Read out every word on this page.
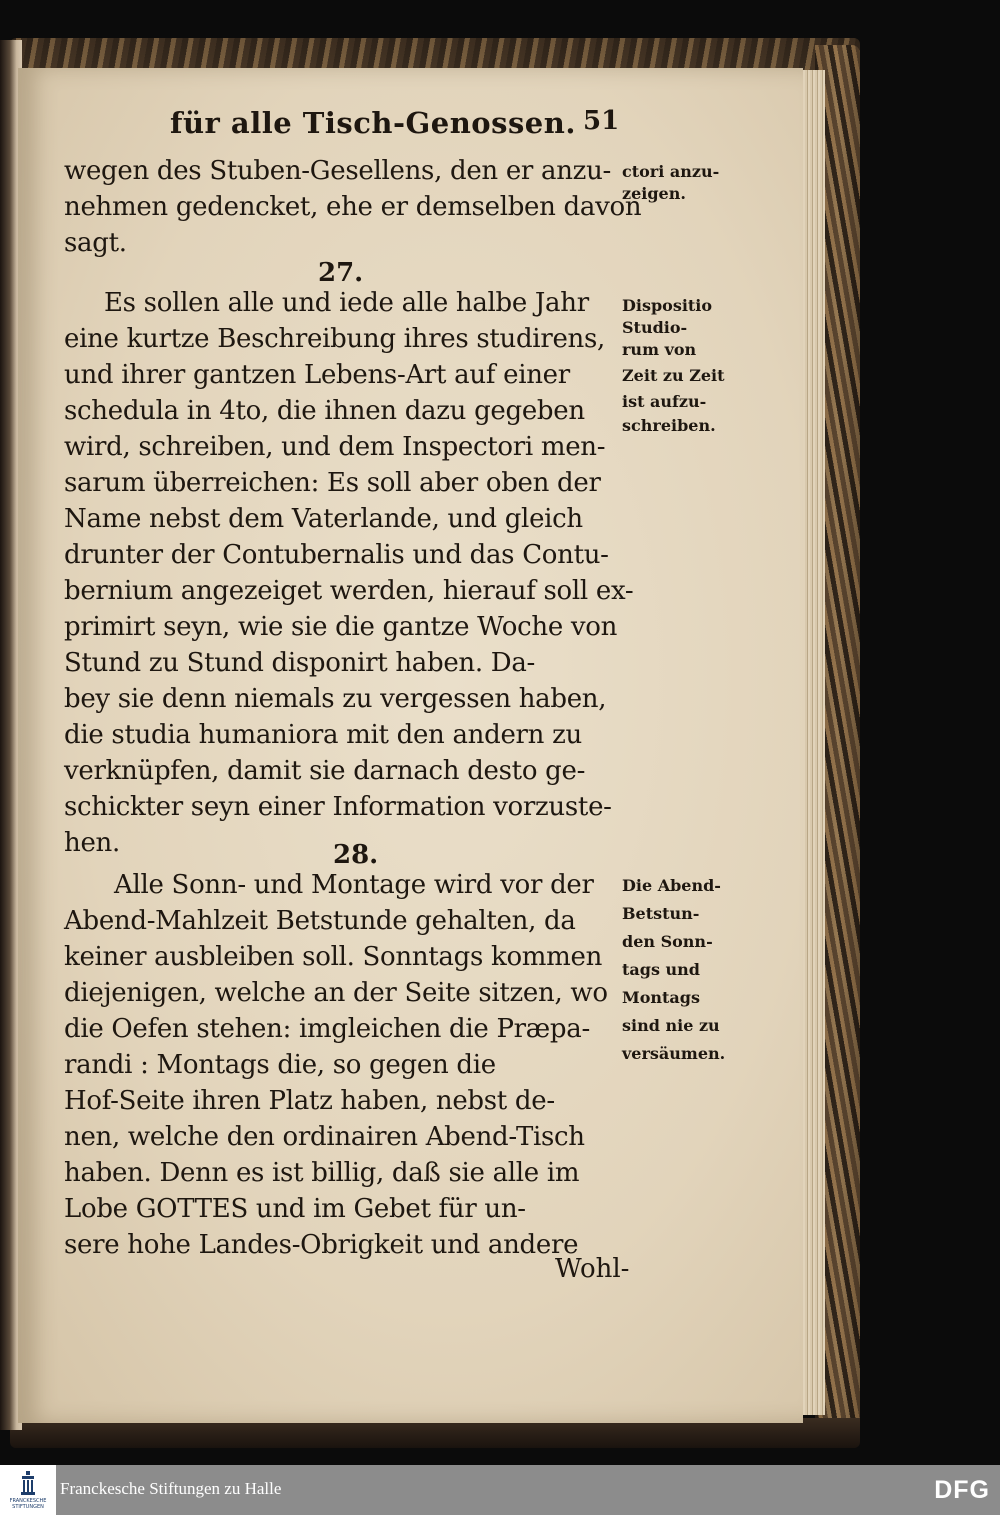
für alle Tisch-Genossen. 51
wegen des Stuben-Gesellens, den er anzu-
nehmen gedencket, ehe er demselben davon
sagt.
27.
Es sollen alle und iede alle halbe Jahr
eine kurtze Beschreibung ihres studirens,
und ihrer gantzen Lebens-Art auf einer
schedula in 4to, die ihnen dazu gegeben
wird, schreiben, und dem Inspectori men-
sarum überreichen: Es soll aber oben der
Name nebst dem Vaterlande, und gleich
drunter der Contubernalis und das Contu-
bernium angezeiget werden, hierauf soll ex-
primirt seyn, wie sie die gantze Woche von
Stund zu Stund disponirt haben. Da-
bey sie denn niemals zu vergessen haben,
die studia humaniora mit den andern zu
verknüpfen, damit sie darnach desto ge-
schickter seyn einer Information vorzuste-
hen.	28.
Alle Sonn- und Montage wird vor der
Abend-Mahlzeit Betstunde gehalten, da
keiner ausbleiben soll. Sonntags kommen
diejenigen, welche an der Seite sitzen, wo
die Oefen stehen: imgleichen die Præpa-
randi : Montags die, so gegen die
Hof-Seite ihren Platz haben, nebst de-
nen, welche den ordinairen Abend-Tisch
haben. Denn es ist billig, daß sie alle im
Lobe GOTTES und im Gebet für un-
sere hohe Landes-Obrigkeit und andere
Wohl-
ctori anzu-
zeigen.
Dispositio
Studio-
rum von
Zeit zu Zeit
ist aufzu-
schreiben.
Die Abend-
Betstun-
den Sonn-
tags und
Montags
sind nie zu
versäumen.
FRANCKESCHE STIFTUNGEN
Franckesche Stiftungen zu Halle	DFG
